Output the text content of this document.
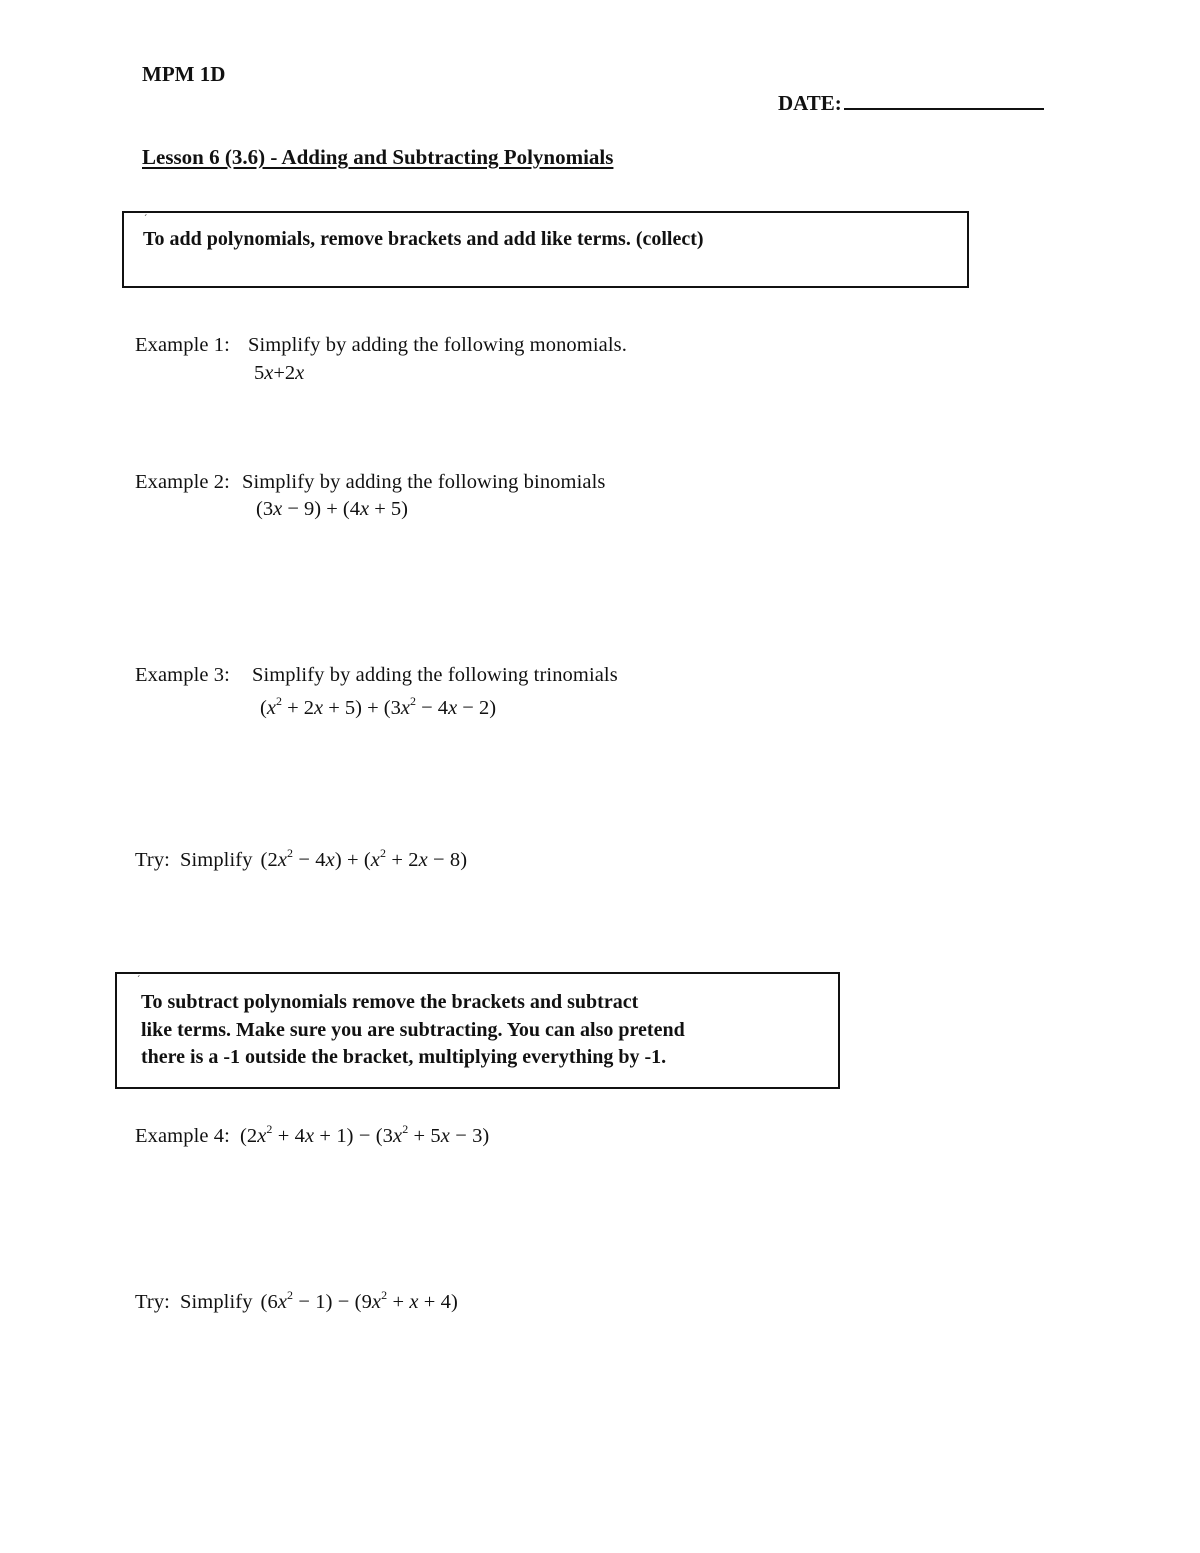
MPM 1D
DATE:
Lesson 6 (3.6) - Adding and Subtracting Polynomials
´
To add polynomials, remove brackets and add like terms. (collect)
Example 1: Simplify by adding the following monomials.
5x+2x
Example 2: Simplify by adding the following binomials
(3x − 9) + (4x + 5)
Example 3: Simplify by adding the following trinomials
$(x^2 + 2x + 5) + (3x^2 - 4x - 2)$
Try: Simplify $(2x^2 - 4x) + (x^2 + 2x - 8)$
´
To subtract polynomials remove the brackets and subtract
like terms. Make sure you are subtracting. You can also pretend
there is a -1 outside the bracket, multiplying everything by -1.
Example 4: $(2x^2 + 4x + 1) - (3x^2 + 5x - 3)$
Try: Simplify $(6x^2 - 1) - (9x^2 + x + 4)$
